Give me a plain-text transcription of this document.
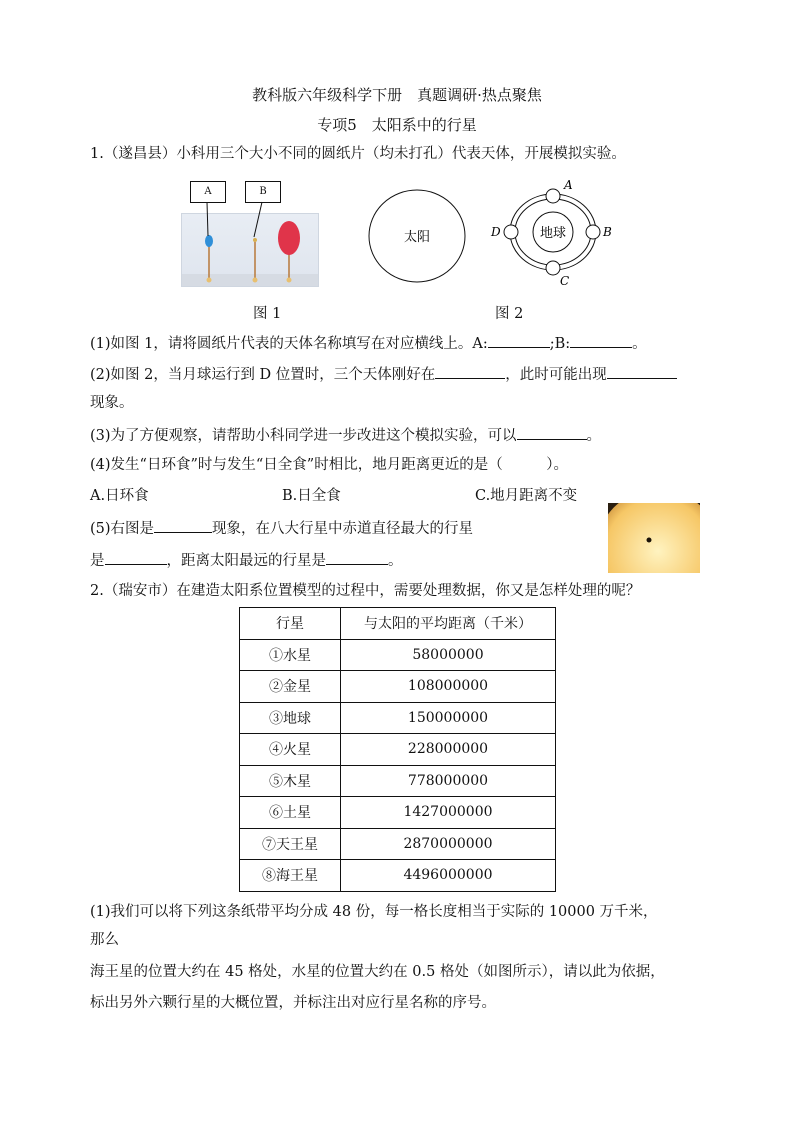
教科版六年级科学下册　真题调研·热点聚焦
专项5　太阳系中的行星
1.（遂昌县）小科用三个大小不同的圆纸片（均未打孔）代表天体，开展模拟实验。
A	B
太阳	地球
A
B
C
D
图 1	图 2
(1)如图 1，请将圆纸片代表的天体名称填写在对应横线上。A:	;B:	。
(2)如图 2，当月球运行到 D 位置时，三个天体刚好在	，此时可能出现
现象。
(3)为了方便观察，请帮助小科同学进一步改进这个模拟实验，可以	。
(4)发生“日环食”时与发生“日全食”时相比，地月距离更近的是（　　　）。
A.日环食	B.日全食	C.地月距离不变
(5)右图是	现象，在八大行星中赤道直径最大的行星
是	，距离太阳最远的行星是	。
2.（瑞安市）在建造太阳系位置模型的过程中，需要处理数据，你又是怎样处理的呢？
行星	与太阳的平均距离（千米）
①水星	58000000
②金星	108000000
③地球	150000000
④火星	228000000
⑤木星	778000000
⑥土星	1427000000
⑦天王星	2870000000
⑧海王星	4496000000
(1)我们可以将下列这条纸带平均分成 48 份，每一格长度相当于实际的 10000 万千米，
那么
海王星的位置大约在 45 格处，水星的位置大约在 0.5 格处（如图所示），请以此为依据，
标出另外六颗行星的大概位置，并标注出对应行星名称的序号。
